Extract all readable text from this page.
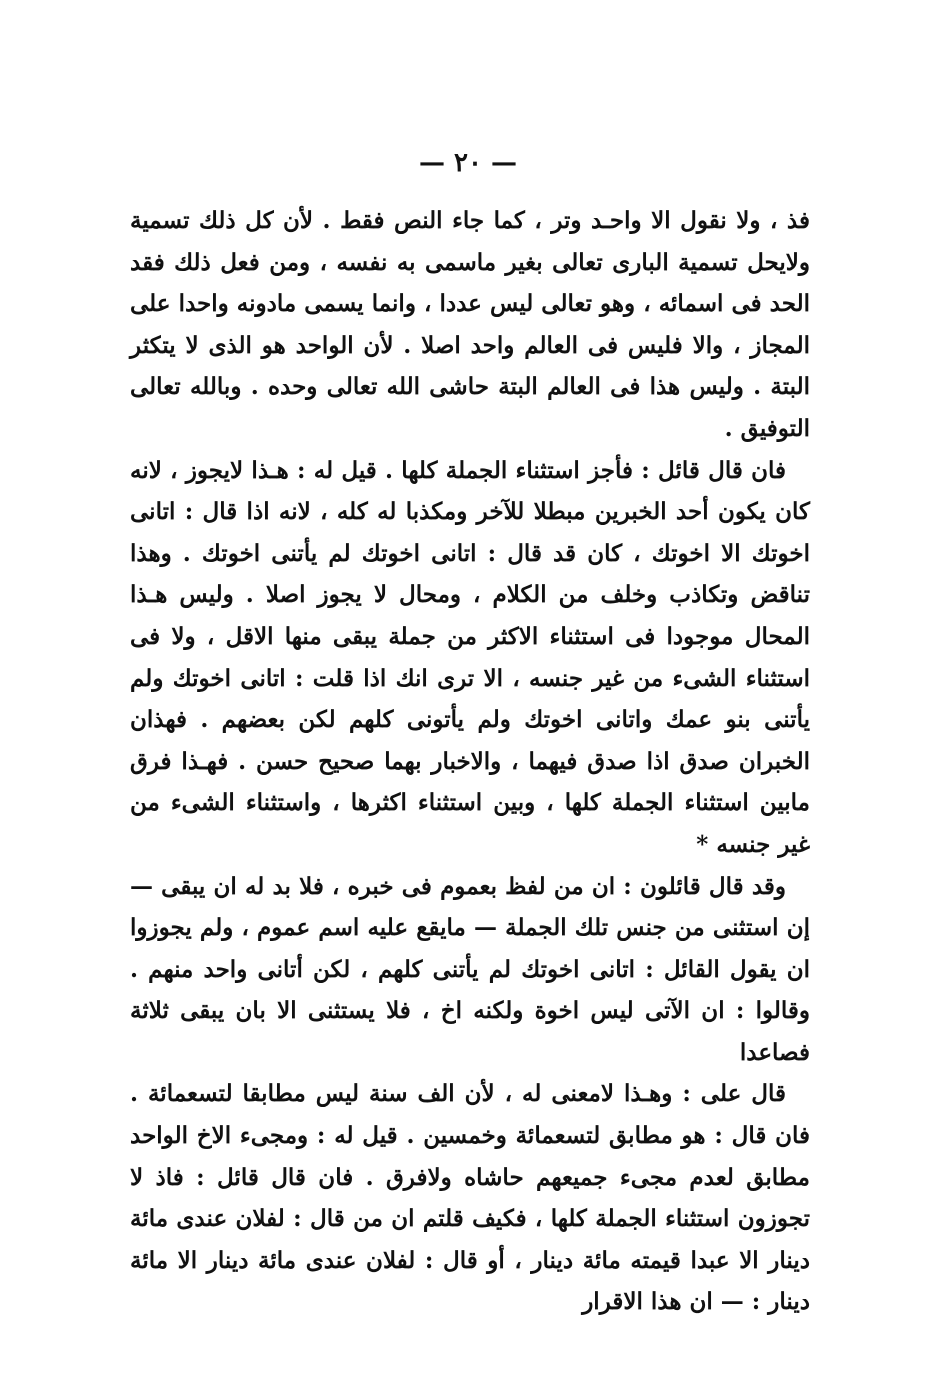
— ٢٠ —

فذ ، ولا نقول الا واحـد وتر ، كما جاء النص فقط . لأن كل ذلك تسمية ولايحل تسمية البارى تعالى بغير ماسمى به نفسه ، ومن فعل ذلك فقد الحد فى اسمائه ، وهو تعالى ليس عددا ، وانما يسمى مادونه واحدا على المجاز ، والا فليس فى العالم واحد اصلا . لأن الواحد هو الذى لا يتكثر البتة . وليس هذا فى العالم البتة حاشى الله تعالى وحده . وبالله تعالى التوفيق .

فان قال قائل : فأجز استثناء الجملة كلها . قيل له : هـذا لايجوز ، لانه كان يكون أحد الخبرين مبطلا للآخر ومكذبا له كله ، لانه اذا قال : اتانى اخوتك الا اخوتك ، كان قد قال : اتانى اخوتك لم يأتنى اخوتك . وهذا تناقض وتكاذب وخلف من الكلام ، ومحال لا يجوز اصلا . وليس هـذا المحال موجودا فى استثناء الاكثر من جملة يبقى منها الاقل ، ولا فى استثناء الشىء من غير جنسه ، الا ترى انك اذا قلت : اتانى اخوتك ولم يأتنى بنو عمك واتانى اخوتك ولم يأتونى كلهم لكن بعضهم . فهذان الخبران صدق اذا صدق فيهما ، والاخبار بهما صحيح حسن . فهـذا فرق مابين استثناء الجملة كلها ، وبين استثناء اكثرها ، واستثناء الشىء من غير جنسه *

وقد قال قائلون : ان من لفظ بعموم فى خبره ، فلا بد له ان يبقى — إن استثنى من جنس تلك الجملة — مايقع عليه اسم عموم ، ولم يجوزوا ان يقول القائل : اتانى اخوتك لم يأتنى كلهم ، لكن أتانى واحد منهم . وقالوا : ان الآتى ليس اخوة ولكنه اخ ، فلا يستثنى الا بان يبقى ثلاثة فصاعدا

قال على : وهـذا لامعنى له ، لأن الف سنة ليس مطابقا لتسعمائة . فان قال : هو مطابق لتسعمائة وخمسين . قيل له : ومجىء الاخ الواحد مطابق لعدم مجىء جميعهم حاشاه ولافرق . فان قال قائل : فاذ لا تجوزون استثناء الجملة كلها ، فكيف قلتم ان من قال : لفلان عندى مائة دينار الا عبدا قيمته مائة دينار ، أو قال : لفلان عندى مائة دينار الا مائة دينار : — ان هذا الاقرار
